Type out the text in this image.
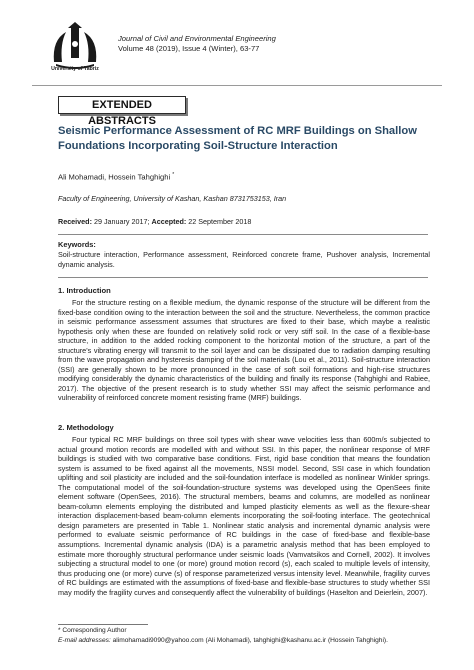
University of Tabriz
Journal of Civil and Environmental Engineering
Volume 48 (2019), Issue 4 (Winter), 63-77
EXTENDED ABSTRACTS
Seismic Performance Assessment of RC MRF Buildings on Shallow
Foundations Incorporating Soil-Structure Interaction
Ali Mohamadi, Hossein Tahghighi *
Faculty of Engineering, University of Kashan, Kashan 8731753153, Iran
Received: 29 January 2017; Accepted: 22 September 2018
Keywords:
Soil-structure interaction, Performance assessment, Reinforced concrete frame, Pushover analysis, Incremental dynamic analysis.
1. Introduction
For the structure resting on a flexible medium, the dynamic response of the structure will be different from the fixed-base condition owing to the interaction between the soil and the structure. Nevertheless, the common practice in seismic performance assessment assumes that structures are fixed to their base, which maybe a realistic hypothesis only when these are founded on relatively solid rock or very stiff soil. In the case of a flexible-base structure, in addition to the added rocking component to the horizontal motion of the structure, a part of the structure's vibrating energy will transmit to the soil layer and can be dissipated due to radiation damping resulting from the wave propagation and hysteresis damping of the soil materials (Lou et al., 2011). Soil-structure interaction (SSI) are generally shown to be more pronounced in the case of soft soil formations and high-rise structures modifying considerably the dynamic characteristics of the building and finally its response (Tahghighi and Rabiee, 2017). The objective of the present research is to study whether SSI may affect the seismic performance and vulnerability of reinforced concrete moment resisting frame (MRF) buildings.
2. Methodology
Four typical RC MRF buildings on three soil types with shear wave velocities less than 600m/s subjected to actual ground motion records are modelled with and without SSI. In this paper, the nonlinear response of MRF buildings is studied with two comparative base conditions. First, rigid base condition that means the foundation system is assumed to be fixed against all the movements, NSSI model. Second, SSI case in which foundation uplifting and soil plasticity are included and the soil-foundation interface is modelled as nonlinear Winkler springs. The computational model of the soil-foundation-structure systems was developed using the OpenSees finite element software (OpenSees, 2016). The structural members, beams and columns, are modelled as nonlinear beam-column elements employing the distributed and lumped plasticity elements as well as the flexure-shear interaction displacement-based beam-column elements incorporating the soil-footing interface. The geotechnical design parameters are presented in Table 1. Nonlinear static analysis and incremental dynamic analysis were performed to evaluate seismic performance of RC buildings in the case of fixed-base and flexible-base assumptions. Incremental dynamic analysis (IDA) is a parametric analysis method that has been employed to estimate more thoroughly structural performance under seismic loads (Vamvatsikos and Cornell, 2002). It involves subjecting a structural model to one (or more) ground motion record (s), each scaled to multiple levels of intensity, thus producing one (or more) curve (s) of response parameterized versus intensity level. Meanwhile, fragility curves of RC buildings are estimated with the assumptions of fixed-base and flexible-base structures to study whether SSI may modify the fragility curves and consequently affect the vulnerability of buildings (Haselton and Deierlein, 2007).
* Corresponding Author
E-mail addresses: alimohamadi9090@yahoo.com (Ali Mohamadi), tahghighi@kashanu.ac.ir (Hossein Tahghighi).
